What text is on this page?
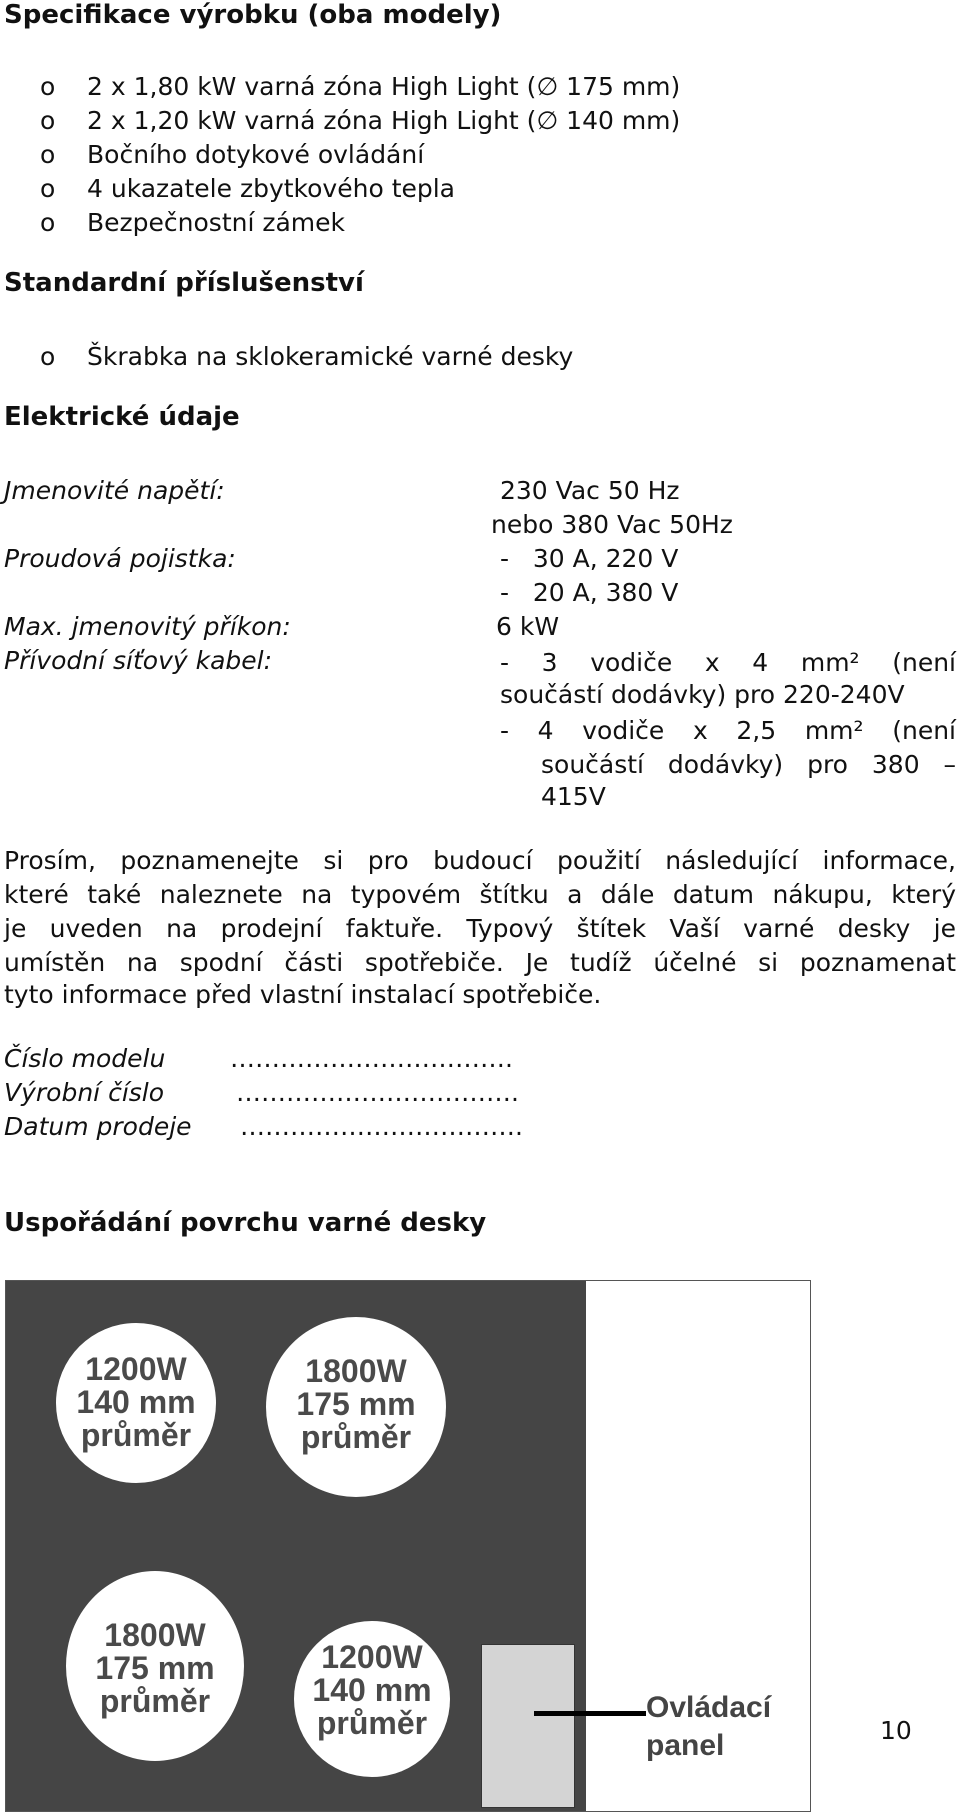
Specifikace výrobku (oba modely)
o 2 x 1,80 kW varná zóna High Light (∅ 175 mm)
o 2 x 1,20 kW varná zóna High Light (∅ 140 mm)
o Bočního dotykové ovládání
o 4 ukazatele zbytkového tepla
o Bezpečnostní zámek
Standardní příslušenství
o Škrabka na sklokeramické varné desky
Elektrické údaje
Jmenovité napětí:	230 Vac 50 Hz
nebo 380 Vac 50Hz
Proudová pojistka:	-   30 A, 220 V
-   20 A, 380 V
Max. jmenovitý příkon:	6 kW
Přívodní síťový kabel:	- 3 vodiče x 4 mm² (není
součástí dodávky) pro 220-240V
- 4 vodiče x 2,5 mm² (není
součástí dodávky) pro 380 –
415V
Prosím, poznamenejte si pro budoucí použití následující informace,
které také naleznete na typovém štítku a dále datum nákupu, který
je uveden na prodejní faktuře. Typový štítek Vaší varné desky je
umístěn na spodní části spotřebiče. Je tudíž účelné si poznamenat
tyto informace před vlastní instalací spotřebiče.
Číslo modelu	…………………………….
Výrobní číslo	…………………………….
Datum prodeje …………………………….
Uspořádání povrchu varné desky
1200W
140 mm
průměr
1800W
175 mm
průměr
1800W
175 mm
průměr
1200W
140 mm
průměr	Ovládací
panel	10
